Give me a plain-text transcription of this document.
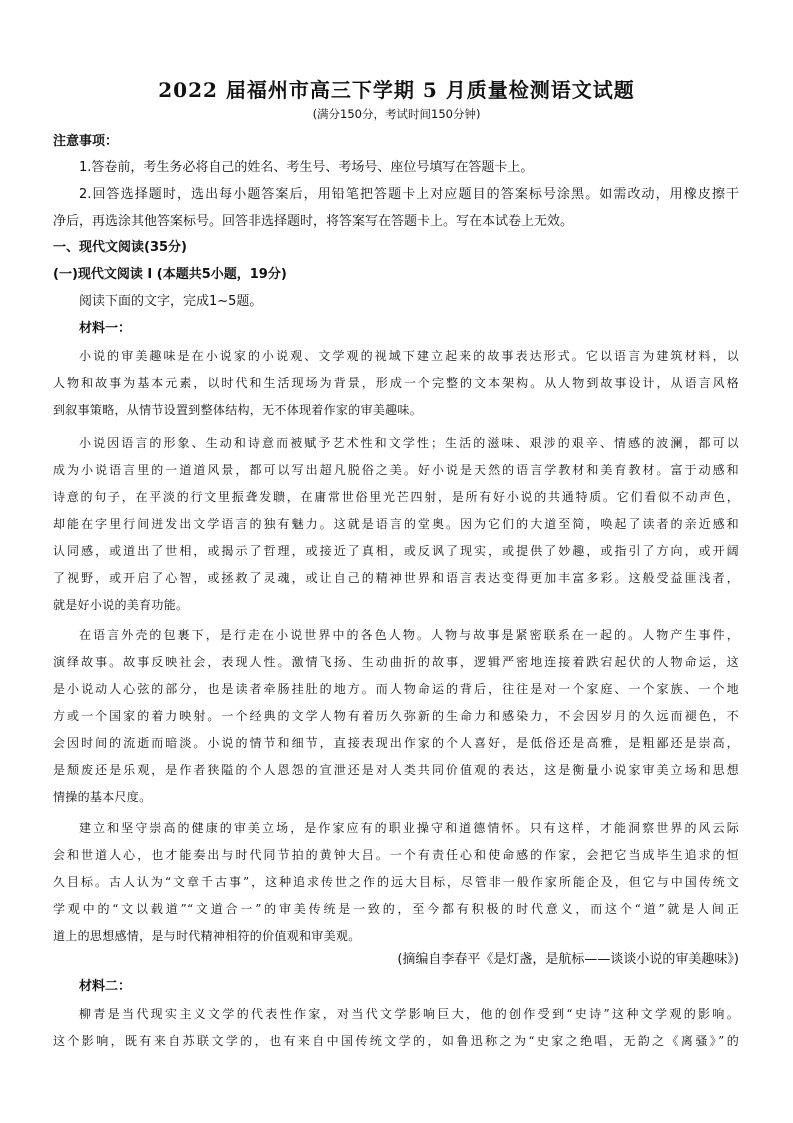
2022 届福州市高三下学期 5 月质量检测语文试题
(满分150分，考试时间150分钟)
注意事项：
1.答卷前，考生务必将自己的姓名、考生号、考场号、座位号填写在答题卡上。
2.回答选择题时，选出每小题答案后，用铅笔把答题卡上对应题目的答案标号涂黑。如需改动，用橡皮擦干
净后，再选涂其他答案标号。回答非选择题时，将答案写在答题卡上。写在本试卷上无效。
一、现代文阅读(35分)
(一)现代文阅读 I (本题共5小题，19分)
阅读下面的文字，完成1~5题。
材料一：
小说的审美趣味是在小说家的小说观、文学观的视域下建立起来的故事表达形式。它以语言为建筑材料，以
人物和故事为基本元素，以时代和生活现场为背景，形成一个完整的文本架构。从人物到故事设计，从语言风格
到叙事策略，从情节设置到整体结构，无不体现着作家的审美趣味。
小说因语言的形象、生动和诗意而被赋予艺术性和文学性；生活的滋味、艰涉的艰辛、情感的波澜，都可以
成为小说语言里的一道道风景，都可以写出超凡脱俗之美。好小说是天然的语言学教材和美育教材。富于动感和
诗意的句子，在平淡的行文里振聋发聩，在庸常世俗里光芒四射，是所有好小说的共通特质。它们看似不动声色，
却能在字里行间迸发出文学语言的独有魅力。这就是语言的堂奥。因为它们的大道至简，唤起了读者的亲近感和
认同感，或道出了世相，或揭示了哲理，或接近了真相，或反讽了现实，或提供了妙趣，或指引了方向，或开阔
了视野，或开启了心智，或拯救了灵魂，或让自己的精神世界和语言表达变得更加丰富多彩。这般受益匪浅者，
就是好小说的美育功能。
在语言外壳的包裹下，是行走在小说世界中的各色人物。人物与故事是紧密联系在一起的。人物产生事件，
演绎故事。故事反映社会，表现人性。激情飞扬、生动曲折的故事，逻辑严密地连接着跌宕起伏的人物命运，这
是小说动人心弦的部分，也是读者牵肠挂肚的地方。而人物命运的背后，往往是对一个家庭、一个家族、一个地
方或一个国家的着力映射。一个经典的文学人物有着历久弥新的生命力和感染力，不会因岁月的久远而褪色，不
会因时间的流逝而暗淡。小说的情节和细节，直接表现出作家的个人喜好，是低俗还是高雅，是粗鄙还是崇高，
是颓废还是乐观，是作者狭隘的个人恩怨的宣泄还是对人类共同价值观的表达，这是衡量小说家审美立场和思想
情操的基本尺度。
建立和坚守崇高的健康的审美立场，是作家应有的职业操守和道德情怀。只有这样，才能洞察世界的风云际
会和世道人心，也才能奏出与时代同节拍的黄钟大吕。一个有责任心和使命感的作家，会把它当成毕生追求的恒
久目标。古人认为“文章千古事”，这种追求传世之作的远大目标，尽管非一般作家所能企及，但它与中国传统文
学观中的“文以载道”“文道合一”的审美传统是一致的，至今都有积极的时代意义，而这个“道”就是人间正
道上的思想感情，是与时代精神相符的价值观和审美观。
(摘编自李春平《是灯盏，是航标——谈谈小说的审美趣味》)
材料二：
柳青是当代现实主义文学的代表性作家，对当代文学影响巨大，他的创作受到“史诗”这种文学观的影响。
这个影响，既有来自苏联文学的，也有来自中国传统文学的，如鲁迅称之为“史家之绝唱，无韵之《离骚》”的
